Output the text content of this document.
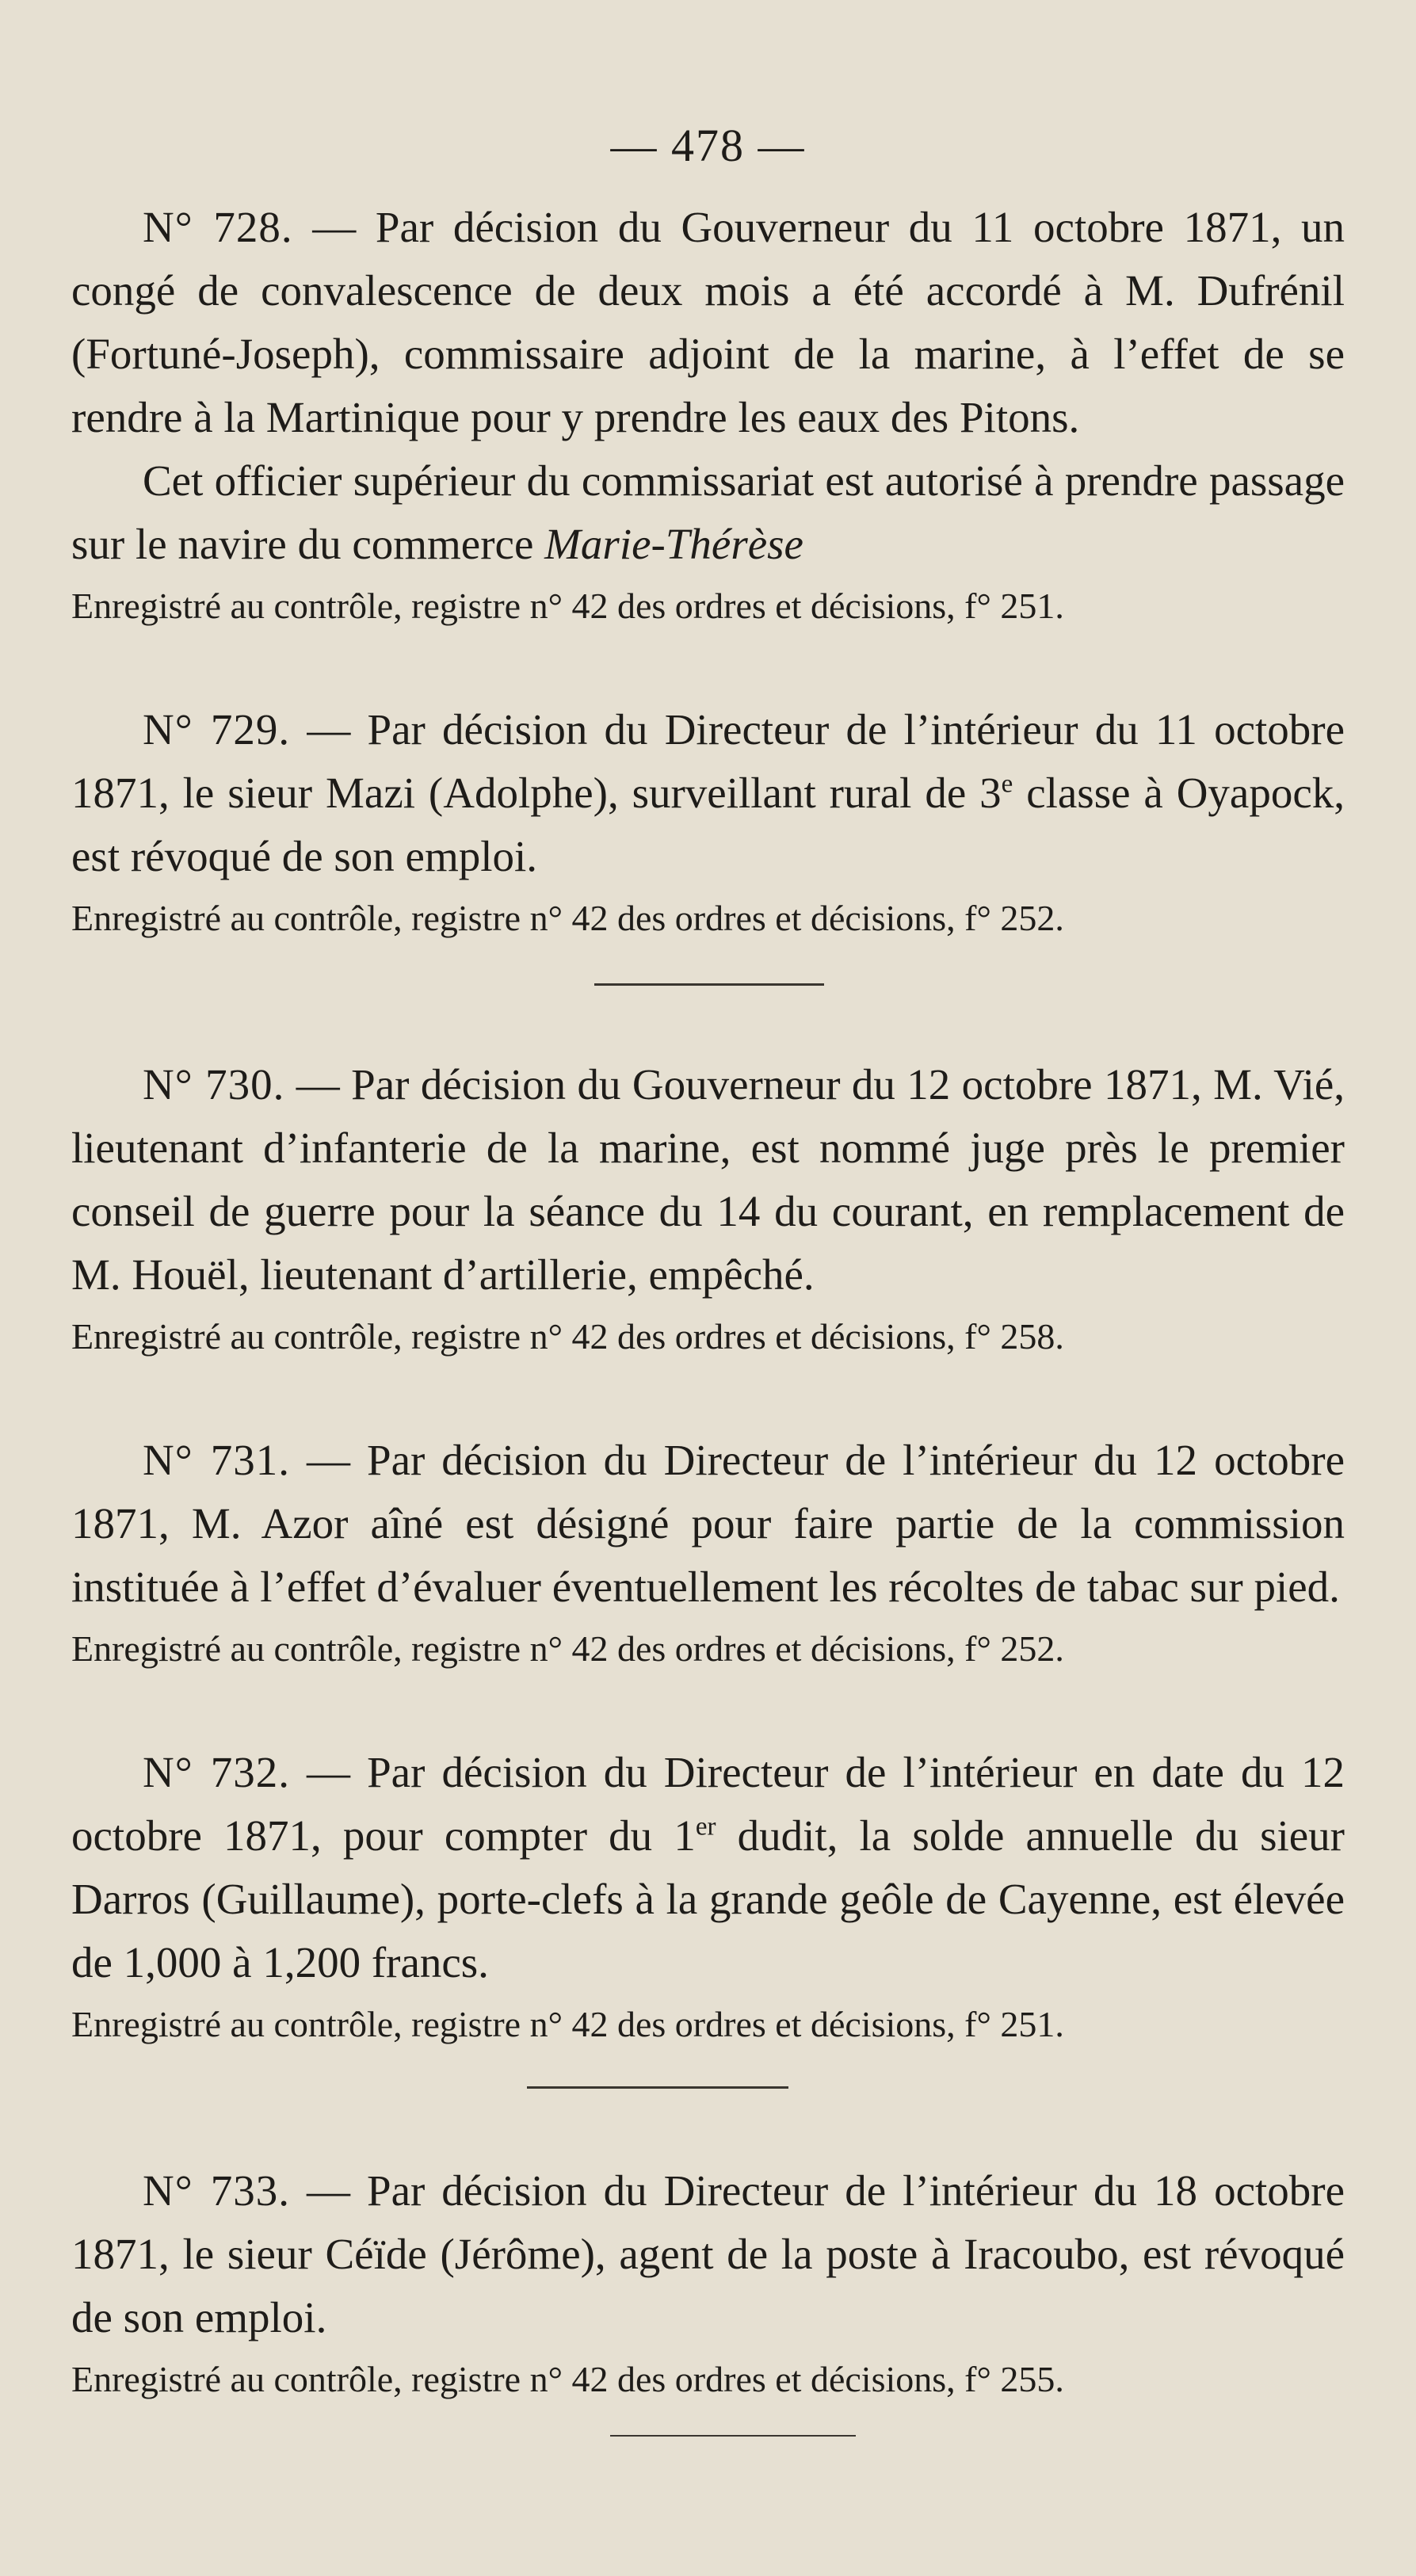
— 478 —

N° 728. — Par décision du Gouverneur du 11 octobre 1871, un congé de convalescence de deux mois a été accordé à M. Dufrénil (Fortuné-Joseph), commissaire adjoint de la marine, à l’effet de se rendre à la Martinique pour y prendre les eaux des Pitons.

Cet officier supérieur du commissariat est autorisé à prendre passage sur le navire du commerce Marie-Thérèse

Enregistré au contrôle, registre n° 42 des ordres et décisions, f° 251.

N° 729. — Par décision du Directeur de l’intérieur du 11 octobre 1871, le sieur Mazi (Adolphe), surveillant rural de 3e classe à Oyapock, est révoqué de son emploi.

Enregistré au contrôle, registre n° 42 des ordres et décisions, f° 252.

N° 730. — Par décision du Gouverneur du 12 octobre 1871, M. Vié, lieutenant d’infanterie de la marine, est nommé juge près le premier conseil de guerre pour la séance du 14 du courant, en remplacement de M. Houël, lieutenant d’artillerie, empêché.

Enregistré au contrôle, registre n° 42 des ordres et décisions, f° 258.

N° 731. — Par décision du Directeur de l’intérieur du 12 octobre 1871, M. Azor aîné est désigné pour faire partie de la commission instituée à l’effet d’évaluer éventuellement les récoltes de tabac sur pied.

Enregistré au contrôle, registre n° 42 des ordres et décisions, f° 252.

N° 732. — Par décision du Directeur de l’intérieur en date du 12 octobre 1871, pour compter du 1er dudit, la solde annuelle du sieur Darros (Guillaume), porte-clefs à la grande geôle de Cayenne, est élevée de 1,000 à 1,200 francs.

Enregistré au contrôle, registre n° 42 des ordres et décisions, f° 251.

N° 733. — Par décision du Directeur de l’intérieur du 18 octobre 1871, le sieur Céïde (Jérôme), agent de la poste à Iracoubo, est révoqué de son emploi.

Enregistré au contrôle, registre n° 42 des ordres et décisions, f° 255.
